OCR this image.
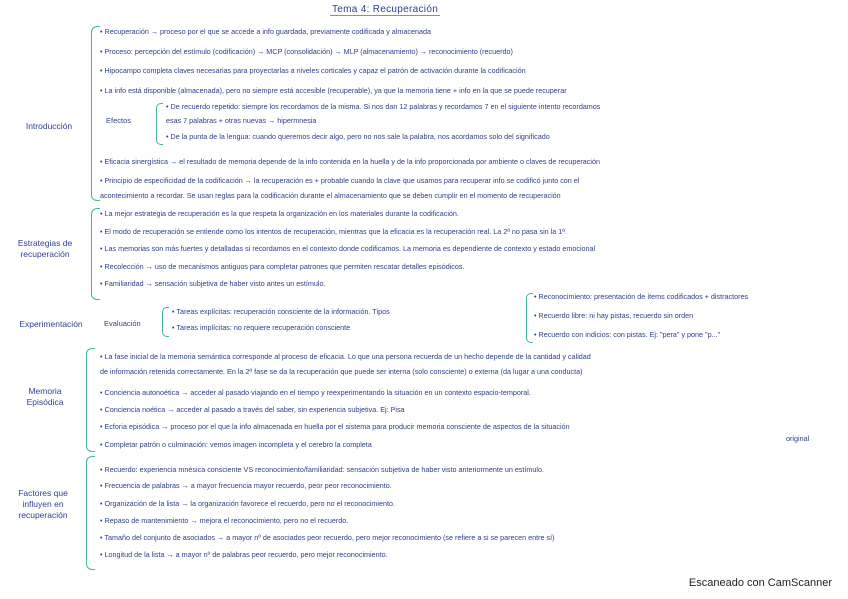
Tema 4: Recuperación
Introducción
• Recuperación → proceso por el que se accede a info guardada, previamente codificada y almacenada
• Proceso: percepción del estímulo (codificación) → MCP (consolidación) → MLP (almacenamiento) → reconocimiento (recuerdo)
• Hipocampo completa claves necesarias para proyectarlas a niveles corticales y capaz el patrón de activación durante la codificación
• La info está disponible (almacenada), pero no siempre está accesible (recuperable), ya que la memoria tiene + info en la que se puede recuperar
Efectos
• De recuerdo repetido: siempre los recordamos de la misma. Si nos dan 12 palabras y recordamos 7 en el siguiente intento recordamos
esas 7 palabras + otras nuevas → hipermnesia
• De la punta de la lengua: cuando queremos decir algo, pero no nos sale la palabra, nos acordamos solo del significado
• Eficacia sinergística → el resultado de memoria depende de la info contenida en la huella y de la info proporcionada por ambiente o claves de recuperación
• Principio de especificidad de la codificación → la recuperación es + probable cuando la clave que usamos para recuperar info se codificó junto con el
acontecimiento a recordar. Se usan reglas para la codificación durante el almacenamiento que se deben cumplir en el momento de recuperación
Estrategias de recuperación
• La mejor estrategia de recuperación es la que respeta la organización en los materiales durante la codificación.
• El modo de recuperación se entiende como los intentos de recuperación, mientras que la eficacia es la recuperación real. La 2ª no pasa sin la 1ª.
• Las memorias son más fuertes y detalladas si recordamos en el contexto donde codificamos. La memoria es dependiente de contexto y estado emocional
• Recolección → uso de mecanismos antiguos para completar patrones que permiten rescatar detalles episódicos.
• Familiaridad → sensación subjetiva de haber visto antes un estímulo.
Experimentación	Evaluación
• Tareas explícitas: recuperación consciente de la información. Tipos
• Tareas implícitas: no requiere recuperación consciente
• Reconocimiento: presentación de ítems codificados + distractores
• Recuerdo libre: ni hay pistas, recuerdo sin orden
• Recuerdo con indicios: con pistas. Ej: "pera" y pone "p..."
Memoria Episódica
• La fase inicial de la memoria semántica corresponde al proceso de eficacia. Lo que una persona recuerda de un hecho depende de la cantidad y calidad
de información retenida correctamente. En la 2ª fase se da la recuperación que puede ser interna (solo consciente) o externa (da lugar a una conducta)
• Conciencia autonoética → acceder al pasado viajando en el tiempo y reexperimentando la situación en un contexto espacio-temporal.
• Conciencia noética → acceder al pasado a través del saber, sin experiencia subjetiva. Ej: Pisa
• Ecforia episódica → proceso por el que la info almacenada en huella por el sistema para producir memoria consciente de aspectos de la situación
original
• Completar patrón o culminación: vemos imagen incompleta y el cerebro la completa
Factores que influyen en recuperación
• Recuerdo: experiencia mnésica consciente VS reconocimiento/familiaridad: sensación subjetiva de haber visto anteriormente un estímulo.
• Frecuencia de palabras → a mayor frecuencia mayor recuerdo, peor peor reconocimiento.
• Organización de la lista → la organización favorece el recuerdo, pero no el reconocimiento.
• Repaso de mantenimiento → mejora el reconocimiento, pero no el recuerdo.
• Tamaño del conjunto de asociados → a mayor nº de asociados peor recuerdo, pero mejor reconocimiento (se refiere a si se parecen entre sí)
• Longitud de la lista → a mayor nº de palabras peor recuerdo, pero mejor reconocimiento.
Escaneado con CamScanner
